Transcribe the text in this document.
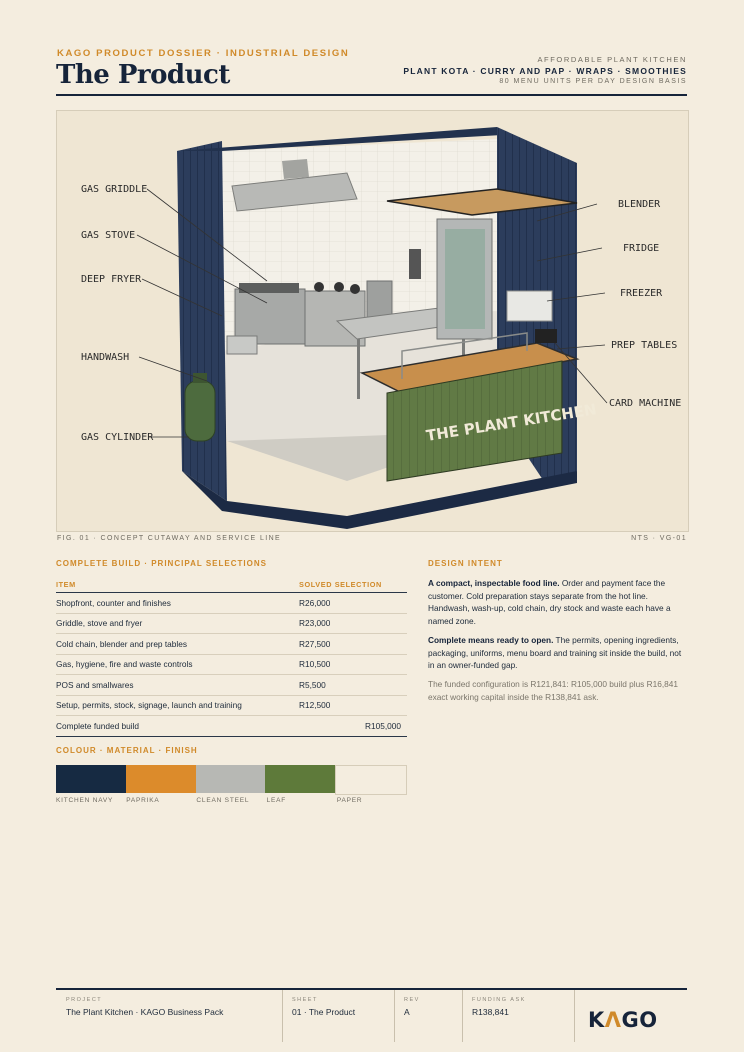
KAGO PRODUCT DOSSIER · INDUSTRIAL DESIGN
The Product
AFFORDABLE PLANT KITCHEN
PLANT KOTA · CURRY AND PAP · WRAPS · SMOOTHIES
80 MENU UNITS PER DAY DESIGN BASIS
THE PLANT KITCHEN
GAS GRIDDLE
GAS STOVE
DEEP FRYER
HANDWASH
GAS CYLINDER
BLENDER
FRIDGE
FREEZER
PREP TABLES
CARD MACHINE
FIG. 01 · CONCEPT CUTAWAY AND SERVICE LINE	NTS · VG-01
COMPLETE BUILD · PRINCIPAL SELECTIONS
ITEM	SOLVED SELECTION
Shopfront, counter and finishes	R26,000
Griddle, stove and fryer	R23,000
Cold chain, blender and prep tables	R27,500
Gas, hygiene, fire and waste controls	R10,500
POS and smallwares	R5,500
Setup, permits, stock, signage, launch and training	R12,500
Complete funded build	R105,000
COLOUR · MATERIAL · FINISH
KITCHEN NAVY	PAPRIKA	CLEAN STEEL	LEAF	PAPER
DESIGN INTENT

A compact, inspectable food line. Order and payment face the customer. Cold preparation stays separate from the hot line. Handwash, wash-up, cold chain, dry stock and waste each have a named zone.

Complete means ready to open. The permits, opening ingredients, packaging, uniforms, menu board and training sit inside the build, not in an owner-funded gap.

The funded configuration is R121,841: R105,000 build plus R16,841 exact working capital inside the R138,841 ask.

PROJECT
The Plant Kitchen · KAGO Business Pack
SHEET
01 · The Product
REV
A
FUNDING ASK
R138,841	KΛGO
